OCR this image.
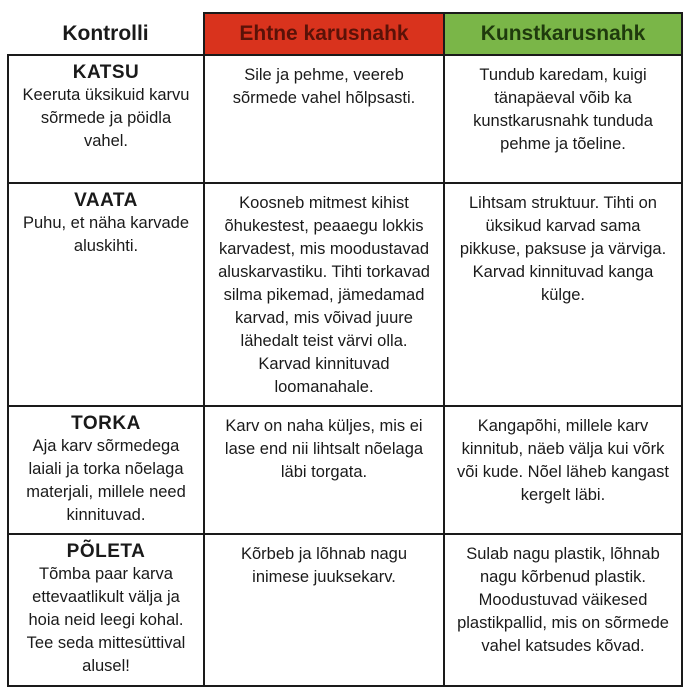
Kontrolli	Ehtne karusnahk	Kunstkarusnahk

KATSU
Keeruta üksikuid karvu sõrmede ja pöidla vahel.	Sile ja pehme, veereb sõrmede vahel hõlpsasti.	Tundub karedam, kuigi tänapäeval võib ka kunstkarusnahk tunduda pehme ja tõeline.

VAATA
Puhu, et näha karvade aluskihti.	Koosneb mitmest kihist õhukestest, peaaegu lokkis karvadest, mis moodustavad aluskarvastiku. Tihti torkavad silma pikemad, jämedamad karvad, mis võivad juure lähedalt teist värvi olla. Karvad kinnituvad loomanahale.	Lihtsam struktuur. Tihti on üksikud karvad sama pikkuse, paksuse ja värviga. Karvad kinnituvad kanga külge.

TORKA
Aja karv sõrmedega laiali ja torka nõelaga materjali, millele need kinnituvad.	Karv on naha küljes, mis ei lase end nii lihtsalt nõelaga läbi torgata.	Kangapõhi, millele karv kinnitub, näeb välja kui võrk või kude. Nõel läheb kangast kergelt läbi.

PÕLETA
Tõmba paar karva ettevaatlikult välja ja hoia neid leegi kohal. Tee seda mittesüttival alusel!	Kõrbeb ja lõhnab nagu inimese juuksekarv.	Sulab nagu plastik, lõhnab nagu kõrbenud plastik. Moodustuvad väikesed plastikpallid, mis on sõrmede vahel katsudes kõvad.
